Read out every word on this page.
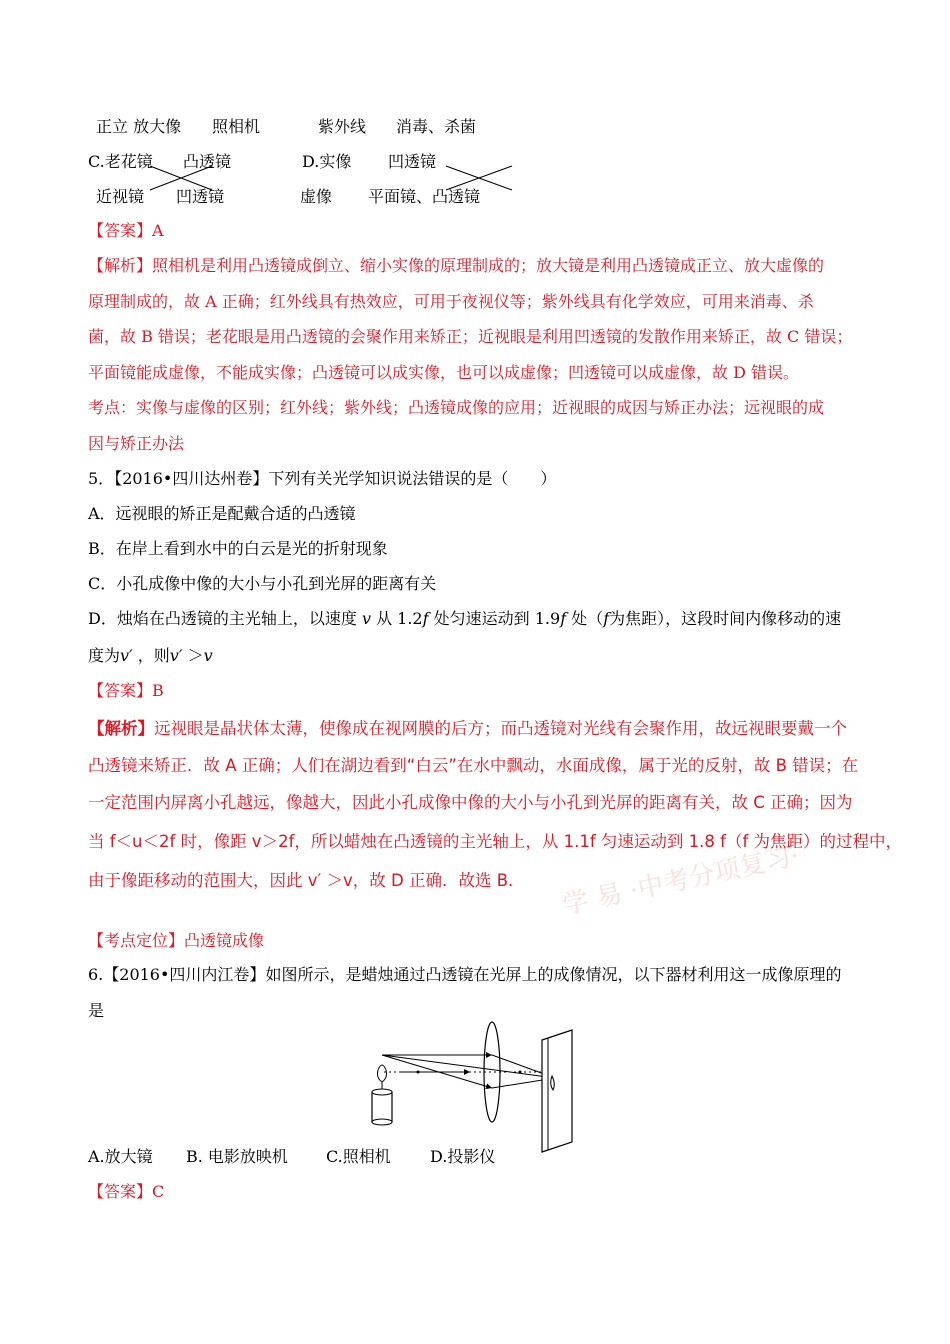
正立 放大像 照相机	紫外线 消毒、杀菌
C.老花镜 凸透镜
近视镜 凹透镜
D.实像 凹透镜
虚像 平面镜、凸透镜
【答案】A
【解析】照相机是利用凸透镜成倒立、缩小实像的原理制成的；放大镜是利用凸透镜成正立、放大虚像的
原理制成的，故 A 正确；红外线具有热效应，可用于夜视仪等；紫外线具有化学效应，可用来消毒、杀
菌，故 B 错误；老花眼是用凸透镜的会聚作用来矫正；近视眼是利用凹透镜的发散作用来矫正，故 C 错误；
平面镜能成虚像，不能成实像；凸透镜可以成实像，也可以成虚像；凹透镜可以成虚像，故 D 错误。
考点：实像与虚像的区别；红外线；紫外线；凸透镜成像的应用；近视眼的成因与矫正办法；远视眼的成
因与矫正办法
5．【2016•四川达州卷】下列有关光学知识说法错误的是（　　）
A．远视眼的矫正是配戴合适的凸透镜
B．在岸上看到水中的白云是光的折射现象
C．小孔成像中像的大小与小孔到光屏的距离有关
D．烛焰在凸透镜的主光轴上，以速度 v 从 1.2f 处匀速运动到 1.9f 处（f为焦距），这段时间内像移动的速
度为v′ ，则v′ ＞v
【答案】B
学 易 ·中考分项复习·
【解析】远视眼是晶状体太薄，使像成在视网膜的后方；而凸透镜对光线有会聚作用，故远视眼要戴一个
凸透镜来矫正．故 A 正确；人们在湖边看到“白云”在水中飘动，水面成像，属于光的反射，故 B 错误；在
一定范围内屏离小孔越远，像越大，因此小孔成像中像的大小与小孔到光屏的距离有关，故 C 正确；因为
当 f＜u＜2f 时，像距 v＞2f，所以蜡烛在凸透镜的主光轴上，从 1.1f 匀速运动到 1.8 f（f 为焦距）的过程中，
由于像距移动的范围大，因此 v′ ＞v，故 D 正确．故选 B.
【考点定位】凸透镜成像
6.【2016•四川内江卷】如图所示，是蜡烛通过凸透镜在光屏上的成像情况，以下器材利用这一成像原理的
是
A.放大镜 B. 电影放映机 C.照相机 D.投影仪
【答案】C
